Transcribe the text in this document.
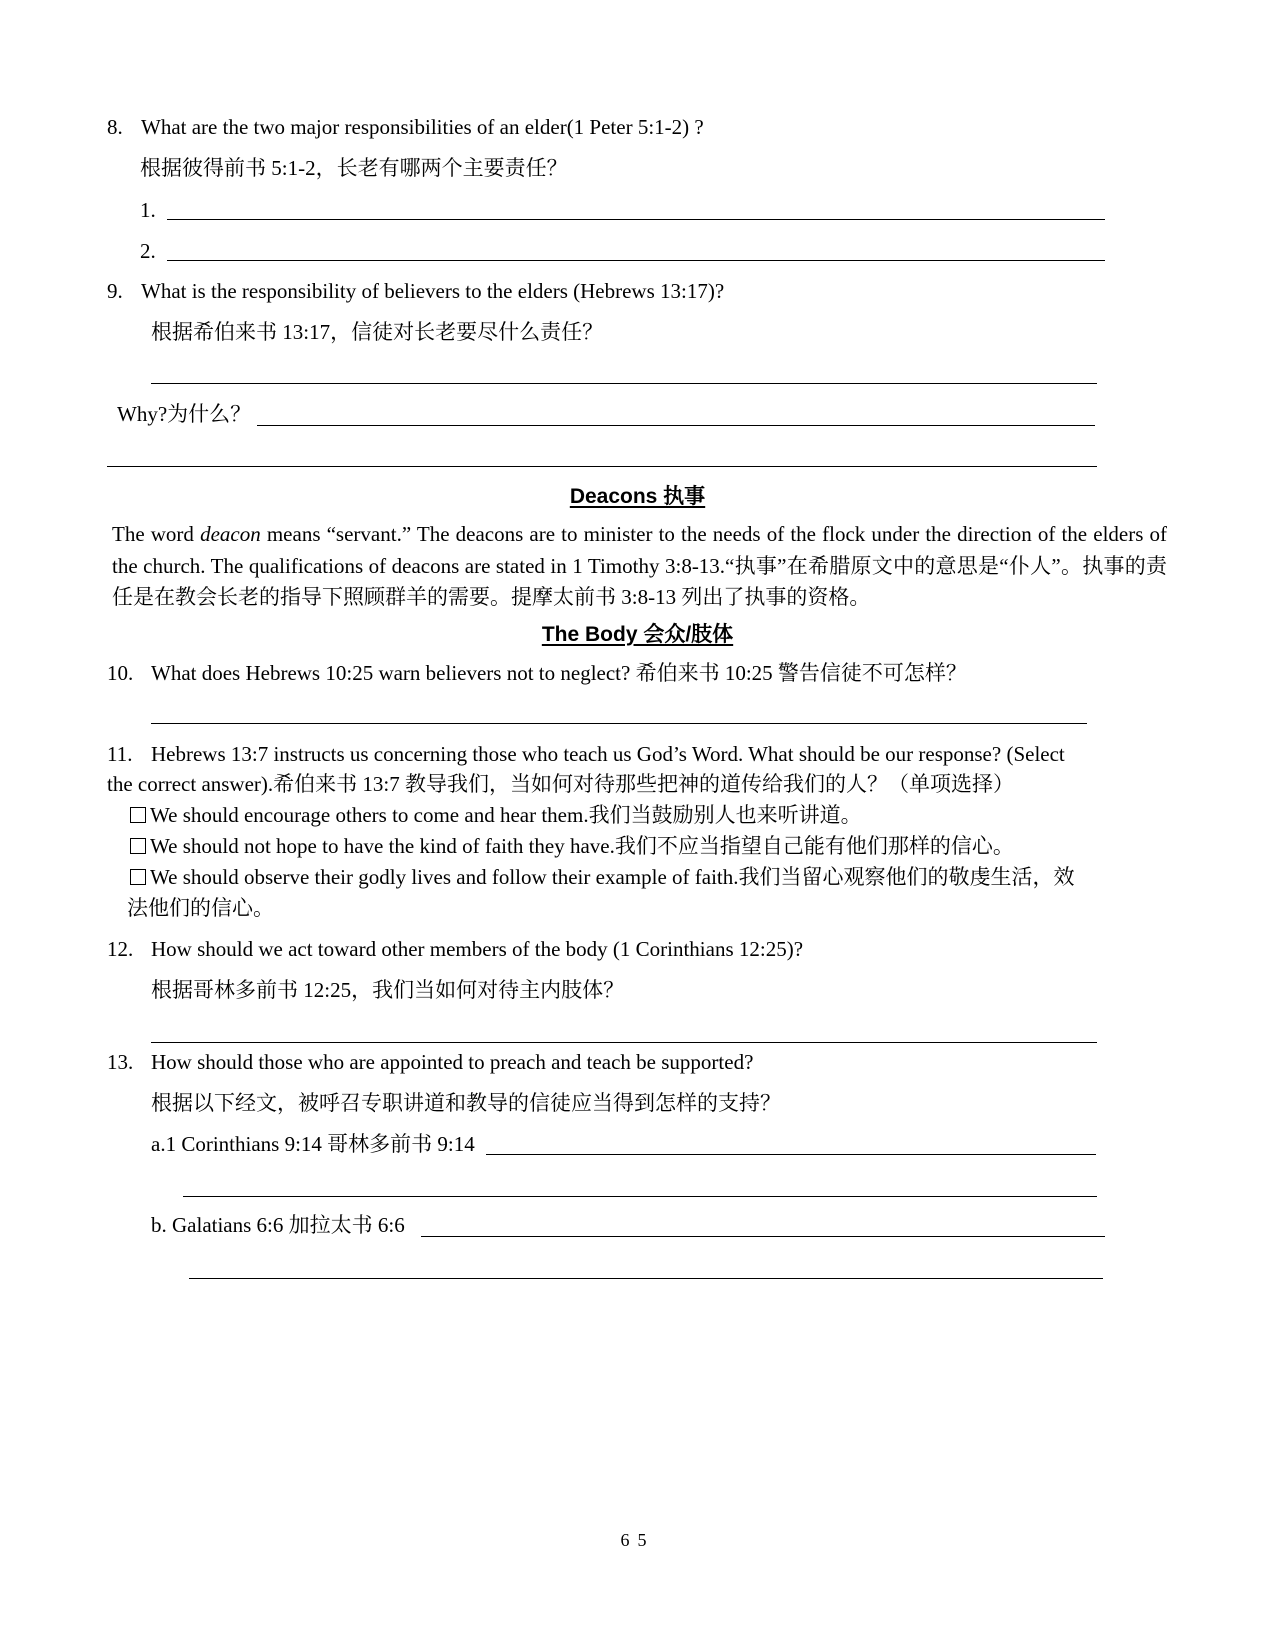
8. What are the two major responsibilities of an elder(1 Peter 5:1-2) ?
根据彼得前书 5:1-2，长老有哪两个主要责任？
1.
2.
9. What is the responsibility of believers to the elders (Hebrews 13:17)?
根据希伯来书 13:17，信徒对长老要尽什么责任？
Why?为什么？
Deacons 执事
The word deacon means “servant.” The deacons are to minister to the needs of the flock under the direction of the elders of the church. The qualifications of deacons are stated in 1 Timothy 3:8-13.“执事”在希腊原文中的意思是“仆人”。执事的责任是在教会长老的指导下照顾群羊的需要。提摩太前书 3:8-13 列出了执事的资格。
The Body 会众/肢体
10. What does Hebrews 10:25 warn believers not to neglect? 希伯来书 10:25 警告信徒不可怎样？
11. Hebrews 13:7 instructs us concerning those who teach us God’s Word. What should be our response? (Select
the correct answer).希伯来书 13:7 教导我们，当如何对待那些把神的道传给我们的人？（单项选择）
We should encourage others to come and hear them.我们当鼓励别人也来听讲道。
We should not hope to have the kind of faith they have.我们不应当指望自己能有他们那样的信心。
We should observe their godly lives and follow their example of faith.我们当留心观察他们的敬虔生活，效
法他们的信心。
12. How should we act toward other members of the body (1 Corinthians 12:25)?
根据哥林多前书 12:25，我们当如何对待主内肢体？
13. How should those who are appointed to preach and teach be supported?
根据以下经文，被呼召专职讲道和教导的信徒应当得到怎样的支持？
a.1 Corinthians 9:14 哥林多前书 9:14
b. Galatians 6:6 加拉太书 6:6
65
